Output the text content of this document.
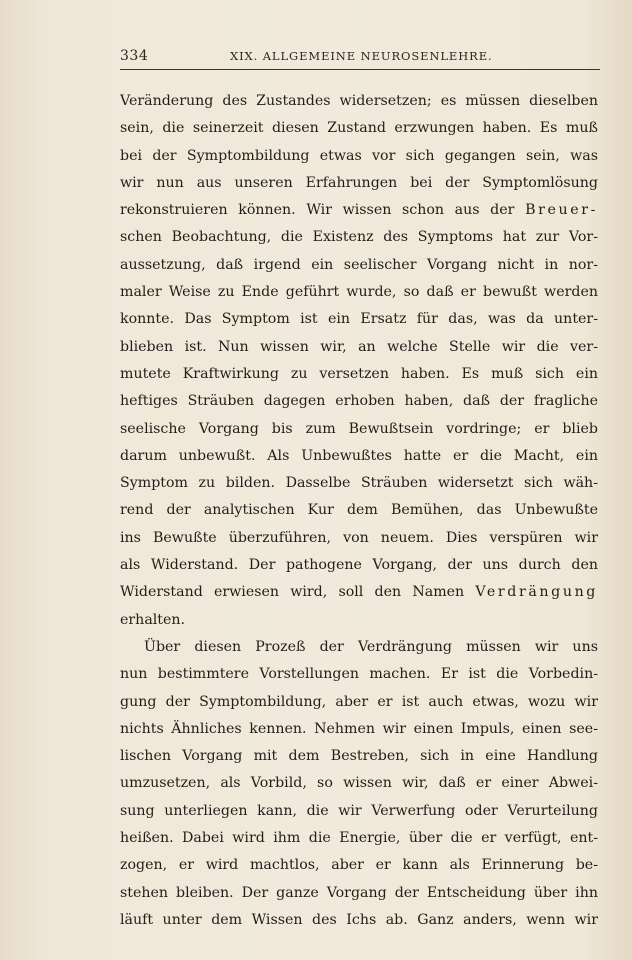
334	XIX. ALLGEMEINE NEUROSENLEHRE.
Veränderung des Zustandes widersetzen; es müssen dieselben
sein, die seinerzeit diesen Zustand erzwungen haben. Es muß
bei der Symptombildung etwas vor sich gegangen sein, was
wir nun aus unseren Erfahrungen bei der Symptomlösung
rekonstruieren können. Wir wissen schon aus der Breuer-
schen Beobachtung, die Existenz des Symptoms hat zur Vor-
aussetzung, daß irgend ein seelischer Vorgang nicht in nor-
maler Weise zu Ende geführt wurde, so daß er bewußt werden
konnte. Das Symptom ist ein Ersatz für das, was da unter-
blieben ist. Nun wissen wir, an welche Stelle wir die ver-
mutete Kraftwirkung zu versetzen haben. Es muß sich ein
heftiges Sträuben dagegen erhoben haben, daß der fragliche
seelische Vorgang bis zum Bewußtsein vordringe; er blieb
darum unbewußt. Als Unbewußtes hatte er die Macht, ein
Symptom zu bilden. Dasselbe Sträuben widersetzt sich wäh-
rend der analytischen Kur dem Bemühen, das Unbewußte
ins Bewußte überzuführen, von neuem. Dies verspüren wir
als Widerstand. Der pathogene Vorgang, der uns durch den
Widerstand erwiesen wird, soll den Namen Verdrängung
erhalten.
Über diesen Prozeß der Verdrängung müssen wir uns
nun bestimmtere Vorstellungen machen. Er ist die Vorbedin-
gung der Symptombildung, aber er ist auch etwas, wozu wir
nichts Ähnliches kennen. Nehmen wir einen Impuls, einen see-
lischen Vorgang mit dem Bestreben, sich in eine Handlung
umzusetzen, als Vorbild, so wissen wir, daß er einer Abwei-
sung unterliegen kann, die wir Verwerfung oder Verurteilung
heißen. Dabei wird ihm die Energie, über die er verfügt, ent-
zogen, er wird machtlos, aber er kann als Erinnerung be-
stehen bleiben. Der ganze Vorgang der Entscheidung über ihn
läuft unter dem Wissen des Ichs ab. Ganz anders, wenn wir
